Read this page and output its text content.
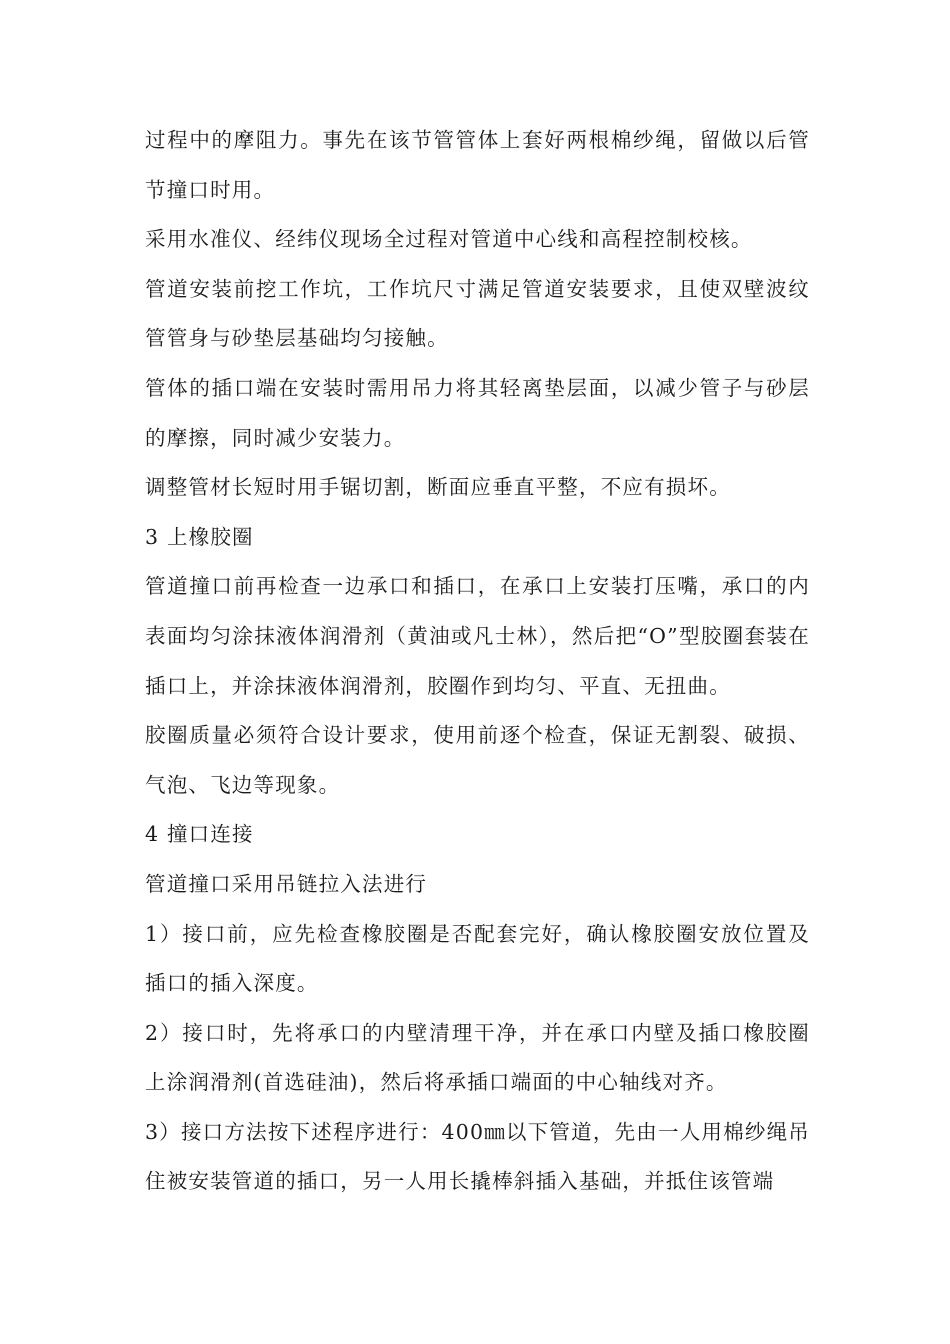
过程中的摩阻力。事先在该节管管体上套好两根棉纱绳，留做以后管节撞口时用。

采用水准仪、经纬仪现场全过程对管道中心线和高程控制校核。

管道安装前挖工作坑，工作坑尺寸满足管道安装要求，且使双壁波纹管管身与砂垫层基础均匀接触。

管体的插口端在安装时需用吊力将其轻离垫层面，以减少管子与砂层的摩擦，同时减少安装力。

调整管材长短时用手锯切割，断面应垂直平整，不应有损坏。

3 上橡胶圈

管道撞口前再检查一边承口和插口，在承口上安装打压嘴，承口的内表面均匀涂抹液体润滑剂（黄油或凡士林），然后把“O”型胶圈套装在插口上，并涂抹液体润滑剂，胶圈作到均匀、平直、无扭曲。

胶圈质量必须符合设计要求，使用前逐个检查，保证无割裂、破损、气泡、飞边等现象。

4 撞口连接

管道撞口采用吊链拉入法进行

1）接口前，应先检查橡胶圈是否配套完好，确认橡胶圈安放位置及插口的插入深度。

2）接口时，先将承口的内壁清理干净，并在承口内壁及插口橡胶圈上涂润滑剂(首选硅油)，然后将承插口端面的中心轴线对齐。

3）接口方法按下述程序进行：400㎜以下管道，先由一人用棉纱绳吊住被安装管道的插口，另一人用长撬棒斜插入基础，并抵住该管端
